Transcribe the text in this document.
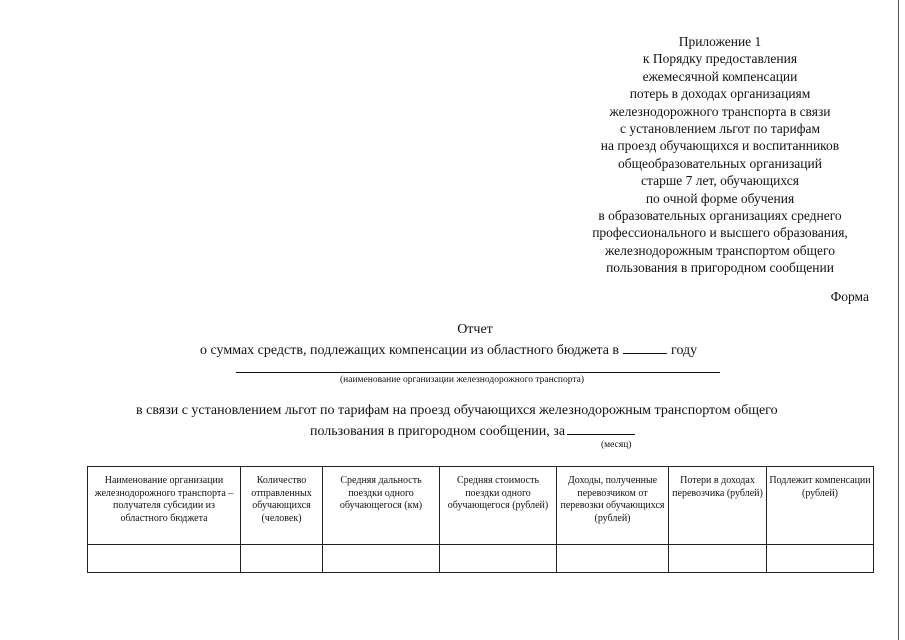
Приложение 1
к Порядку предоставления
ежемесячной компенсации
потерь в доходах организациям
железнодорожного транспорта в связи
с установлением льгот по тарифам
на проезд обучающихся и воспитанников
общеобразовательных организаций
старше 7 лет, обучающихся
по очной форме обучения
в образовательных организациях среднего
профессионального и высшего образования,
железнодорожным транспортом общего
пользования в пригородном сообщении
Форма
Отчет
о суммах средств, подлежащих компенсации из областного бюджета в	году
(наименование организации железнодорожного транспорта)
в связи с установлением льгот по тарифам на проезд обучающихся железнодорожным транспортом общего
пользования в пригородном сообщении, за
(месяц)
Наименование организации железнодорожного транспорта – получателя субсидии из областного бюджета	Количество отправленных обучающихся (человек)	Средняя дальность поездки одного обучающегося (км)	Средняя стоимость поездки одного обучающегося (рублей)	Доходы, полученные перевозчиком от перевозки обучающихся (рублей)	Потери в доходах перевозчика (рублей)	Подлежит компенсации (рублей)
